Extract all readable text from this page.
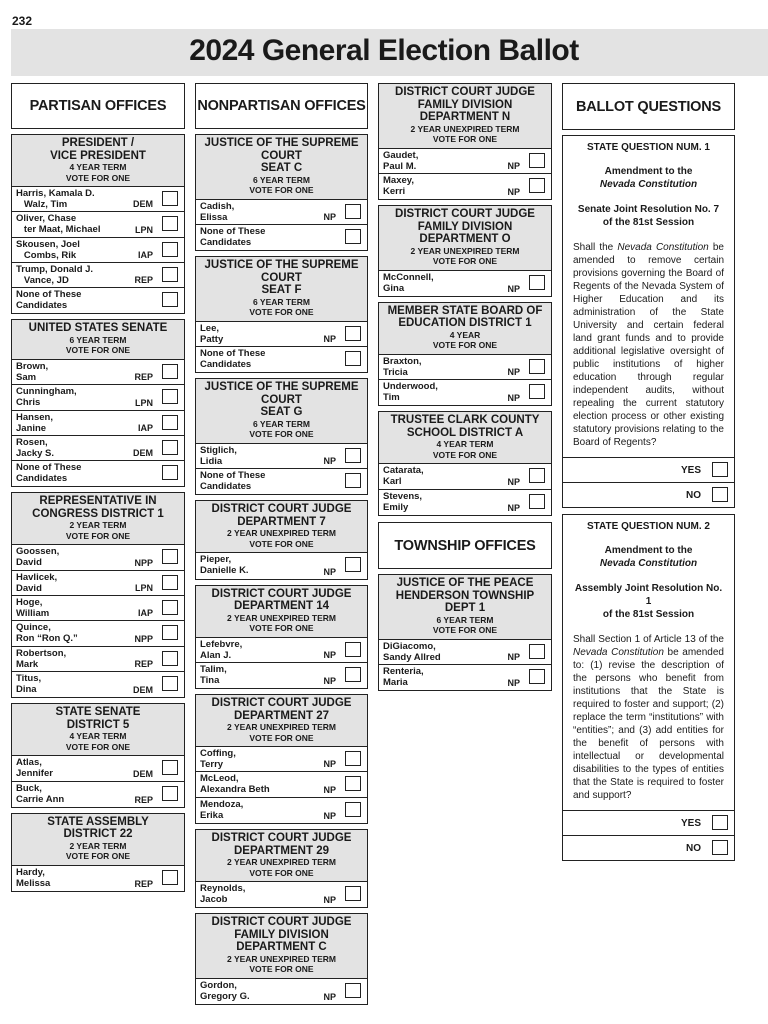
232
2024 General Election Ballot
PARTISAN OFFICES
PRESIDENT /
VICE PRESIDENT
4 YEAR TERM
VOTE FOR ONE
Harris, Kamala D.
Walz, Tim	DEM
Oliver, Chase
ter Maat, Michael	LPN
Skousen, Joel
Combs, Rik	IAP
Trump, Donald J.
Vance, JD	REP
None of These
Candidates
UNITED STATES SENATE
6 YEAR TERM
VOTE FOR ONE
Brown,
Sam	REP
Cunningham,
Chris	LPN
Hansen,
Janine	IAP
Rosen,
Jacky S.	DEM
None of These
Candidates
REPRESENTATIVE IN
CONGRESS DISTRICT 1
2 YEAR TERM
VOTE FOR ONE
Goossen,
David	NPP
Havlicek,
David	LPN
Hoge,
William	IAP
Quince,
Ron “Ron Q.”	NPP
Robertson,
Mark	REP
Titus,
Dina	DEM
STATE SENATE
DISTRICT 5
4 YEAR TERM
VOTE FOR ONE
Atlas,
Jennifer	DEM
Buck,
Carrie Ann	REP
STATE ASSEMBLY
DISTRICT 22
2 YEAR TERM
VOTE FOR ONE
Hardy,
Melissa	REP
NONPARTISAN OFFICES
JUSTICE OF THE SUPREME COURT
SEAT C
6 YEAR TERM
VOTE FOR ONE
Cadish,
Elissa	NP
None of These
Candidates
JUSTICE OF THE SUPREME COURT
SEAT F
6 YEAR TERM
VOTE FOR ONE
Lee,
Patty	NP
None of These
Candidates
JUSTICE OF THE SUPREME COURT
SEAT G
6 YEAR TERM
VOTE FOR ONE
Stiglich,
Lidia	NP
None of These
Candidates
DISTRICT COURT JUDGE
DEPARTMENT 7
2 YEAR UNEXPIRED TERM
VOTE FOR ONE
Pieper,
Danielle K.	NP
DISTRICT COURT JUDGE
DEPARTMENT 14
2 YEAR UNEXPIRED TERM
VOTE FOR ONE
Lefebvre,
Alan J.	NP
Talim,
Tina	NP
DISTRICT COURT JUDGE
DEPARTMENT 27
2 YEAR UNEXPIRED TERM
VOTE FOR ONE
Coffing,
Terry	NP
McLeod,
Alexandra Beth	NP
Mendoza,
Erika	NP
DISTRICT COURT JUDGE
DEPARTMENT 29
2 YEAR UNEXPIRED TERM
VOTE FOR ONE
Reynolds,
Jacob	NP
DISTRICT COURT JUDGE
FAMILY DIVISION DEPARTMENT C
2 YEAR UNEXPIRED TERM
VOTE FOR ONE
Gordon,
Gregory G.	NP
DISTRICT COURT JUDGE
FAMILY DIVISION DEPARTMENT N
2 YEAR UNEXPIRED TERM
VOTE FOR ONE
Gaudet,
Paul M.	NP
Maxey,
Kerri	NP
DISTRICT COURT JUDGE
FAMILY DIVISION DEPARTMENT O
2 YEAR UNEXPIRED TERM
VOTE FOR ONE
McConnell,
Gina	NP
MEMBER STATE BOARD OF
EDUCATION DISTRICT 1
4 YEAR
VOTE FOR ONE
Braxton,
Tricia	NP
Underwood,
Tim	NP
TRUSTEE CLARK COUNTY
SCHOOL DISTRICT A
4 YEAR TERM
VOTE FOR ONE
Catarata,
Karl	NP
Stevens,
Emily	NP
TOWNSHIP OFFICES
JUSTICE OF THE PEACE
HENDERSON TOWNSHIP DEPT 1
6 YEAR TERM
VOTE FOR ONE
DiGiacomo,
Sandy Allred	NP
Renteria,
Maria	NP
BALLOT QUESTIONS
STATE QUESTION NUM. 1
Amendment to the
Nevada Constitution
Senate Joint Resolution No. 7
of the 81st Session
Shall the Nevada Constitution be amended to remove certain provisions governing the Board of Regents of the Nevada System of Higher Education and its administration of the State University and certain federal land grant funds and to provide additional legislative oversight of public institutions of higher education through regular independent audits, without repealing the current statutory election process or other existing statutory provisions relating to the Board of Regents?
YES
NO
STATE QUESTION NUM. 2
Amendment to the
Nevada Constitution
Assembly Joint Resolution No. 1
of the 81st Session
Shall Section 1 of Article 13 of the Nevada Constitution be amended to: (1) revise the description of the persons who benefit from institutions that the State is required to foster and support; (2) replace the term “institutions” with “entities”; and (3) add entities for the benefit of persons with intellectual or developmental disabilities to the types of entities that the State is required to foster and support?
YES
NO
